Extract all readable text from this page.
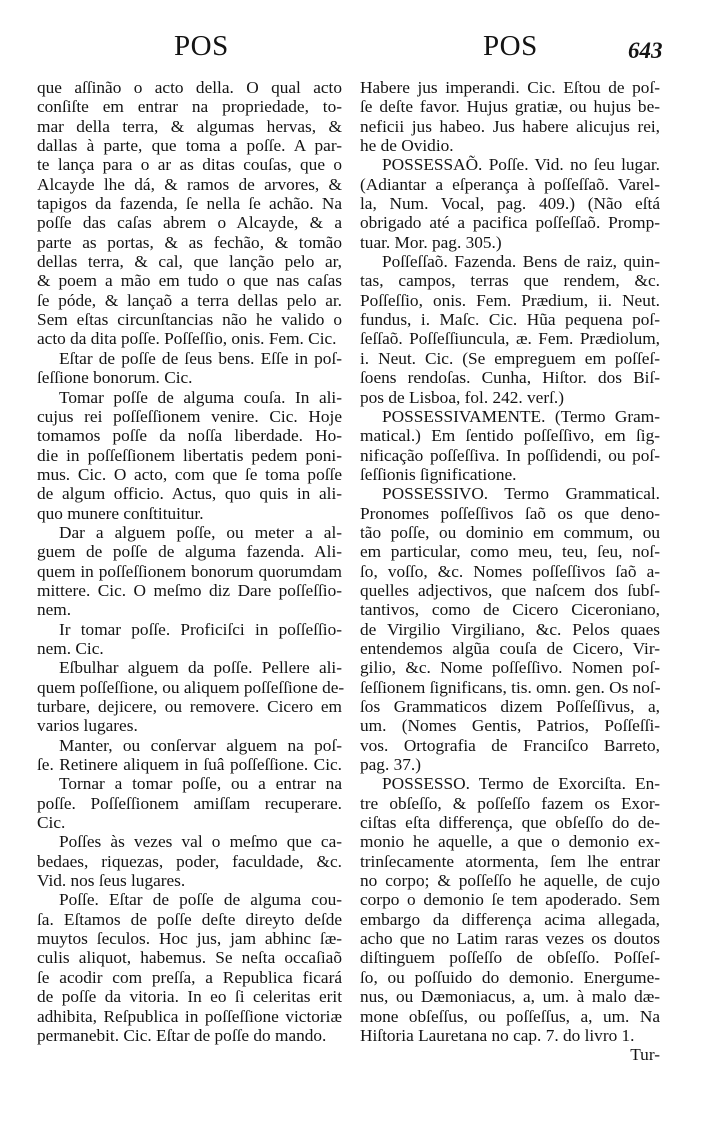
POS	POS	643
que aſſinão o acto della. O qual acto
conſiſte em entrar na propriedade, to-
mar della terra, & algumas hervas, &
dallas à parte, que toma a poſſe. A par-
te lança para o ar as ditas couſas, que o
Alcayde lhe dá, & ramos de arvores, &
tapigos da fazenda, ſe nella ſe achão. Na
poſſe das caſas abrem o Alcayde, & a
parte as portas, & as fechão, & tomão
dellas terra, & cal, que lanção pelo ar,
& poem a mão em tudo o que nas caſas
ſe póde, & lançaõ a terra dellas pelo ar.
Sem eſtas circunſtancias não he valido o
acto da dita poſſe. Poſſeſſio, onis. Fem. Cic.
Eſtar de poſſe de ſeus bens. Eſſe in poſ-
ſeſſione bonorum. Cic.
Tomar poſſe de alguma couſa. In ali-
cujus rei poſſeſſionem venire. Cic. Hoje
tomamos poſſe da noſſa liberdade. Ho-
die in poſſeſſionem libertatis pedem poni-
mus. Cic. O acto, com que ſe toma poſſe
de algum officio. Actus, quo quis in ali-
quo munere conſtituitur.
Dar a alguem poſſe, ou meter a al-
guem de poſſe de alguma fazenda. Ali-
quem in poſſeſſionem bonorum quorumdam
mittere. Cic. O meſmo diz Dare poſſeſſio-
nem.
Ir tomar poſſe. Proficiſci in poſſeſſio-
nem. Cic.
Eſbulhar alguem da poſſe. Pellere ali-
quem poſſeſſione, ou aliquem poſſeſſione de-
turbare, dejicere, ou removere. Cicero em
varios lugares.
Manter, ou conſervar alguem na poſ-
ſe. Retinere aliquem in ſuâ poſſeſſione. Cic.
Tornar a tomar poſſe, ou a entrar na
poſſe. Poſſeſſionem amiſſam recuperare.
Cic.
Poſſes às vezes val o meſmo que ca-
bedaes, riquezas, poder, faculdade, &c.
Vid. nos ſeus lugares.
Poſſe. Eſtar de poſſe de alguma cou-
ſa. Eſtamos de poſſe deſte direyto deſde
muytos ſeculos. Hoc jus, jam abhinc ſæ-
culis aliquot, habemus. Se neſta occaſiaõ
ſe acodir com preſſa, a Republica ficará
de poſſe da vitoria. In eo ſi celeritas erit
adhibita, Reſpublica in poſſeſſione victoriæ
permanebit. Cic. Eſtar de poſſe do mando.
Habere jus imperandi. Cic. Eſtou de poſ-
ſe deſte favor. Hujus gratiæ, ou hujus be-
neficii jus habeo. Jus habere alicujus rei,
he de Ovidio.
POSSESSAÕ. Poſſe. Vid. no ſeu lugar.
(Adiantar a eſperança à poſſeſſaõ. Varel-
la, Num. Vocal, pag. 409.) (Não eſtá
obrigado até a pacifica poſſeſſaõ. Promp-
tuar. Mor. pag. 305.)
Poſſeſſaõ. Fazenda. Bens de raiz, quin-
tas, campos, terras que rendem, &c.
Poſſeſſio, onis. Fem. Prædium, ii. Neut.
fundus, i. Maſc. Cic. Hũa pequena poſ-
ſeſſaõ. Poſſeſſiuncula, æ. Fem. Prædiolum,
i. Neut. Cic. (Se empreguem em poſſeſ-
ſoens rendoſas. Cunha, Hiſtor. dos Biſ-
pos de Lisboa, fol. 242. verſ.)
POSSESSIVAMENTE. (Termo Gram-
matical.) Em ſentido poſſeſſivo, em ſig-
nificação poſſeſſiva. In poſſidendi, ou poſ-
ſeſſionis ſignificatione.
POSSESSIVO. Termo Grammatical.
Pronomes poſſeſſivos ſaõ os que deno-
tão poſſe, ou dominio em commum, ou
em particular, como meu, teu, ſeu, noſ-
ſo, voſſo, &c. Nomes poſſeſſivos ſaõ a-
quelles adjectivos, que naſcem dos ſubſ-
tantivos, como de Cicero Ciceroniano,
de Virgilio Virgiliano, &c. Pelos quaes
entendemos algũa couſa de Cicero, Vir-
gilio, &c. Nome poſſeſſivo. Nomen poſ-
ſeſſionem ſignificans, tis. omn. gen. Os noſ-
ſos Grammaticos dizem Poſſeſſivus, a,
um. (Nomes Gentis, Patrios, Poſſeſſi-
vos. Ortografia de Franciſco Barreto,
pag. 37.)
POSSESSO. Termo de Exorciſta. En-
tre obſeſſo, & poſſeſſo fazem os Exor-
ciſtas eſta differença, que obſeſſo do de-
monio he aquelle, a que o demonio ex-
trinſecamente atormenta, ſem lhe entrar
no corpo; & poſſeſſo he aquelle, de cujo
corpo o demonio ſe tem apoderado. Sem
embargo da differença acima allegada,
acho que no Latim raras vezes os doutos
diſtinguem poſſeſſo de obſeſſo. Poſſeſ-
ſo, ou poſſuido do demonio. Energume-
nus, ou Dæmoniacus, a, um. à malo dæ-
mone obſeſſus, ou poſſeſſus, a, um. Na
Hiſtoria Lauretana no cap. 7. do livro 1.
Tur-
